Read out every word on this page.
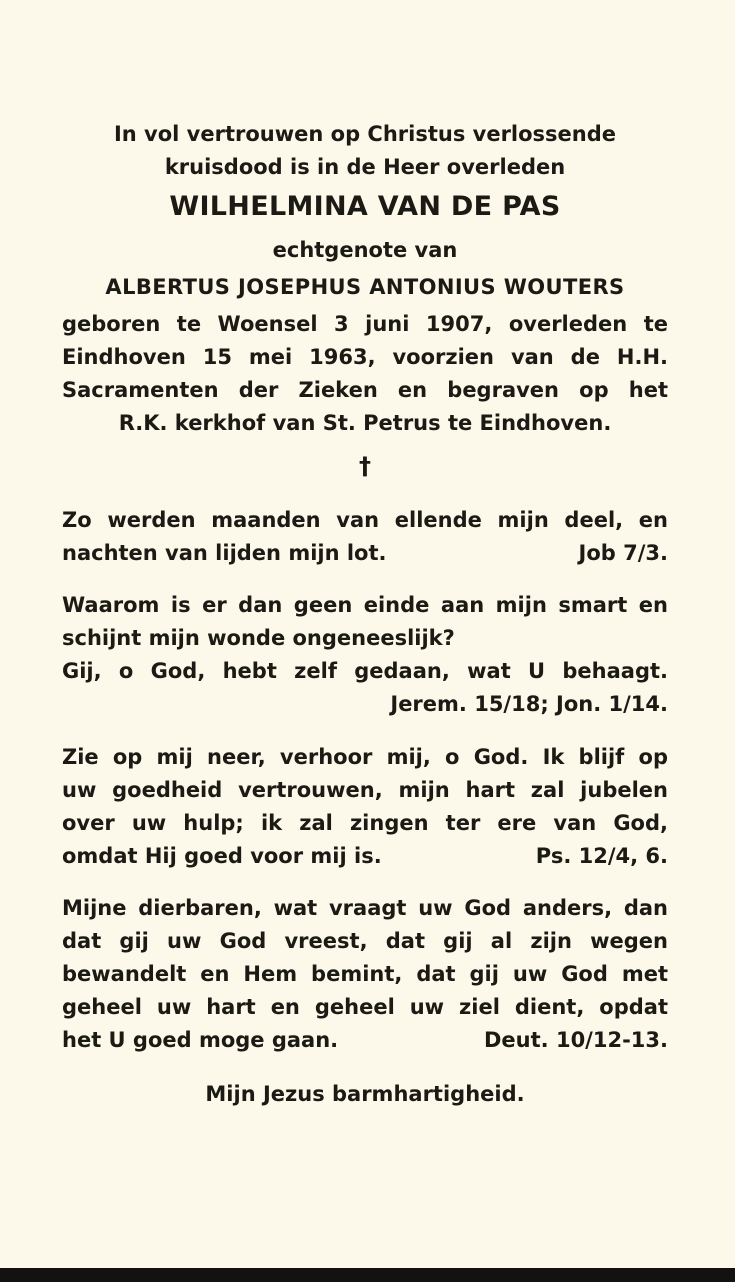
In vol vertrouwen op Christus verlossende
kruisdood is in de Heer overleden
WILHELMINA VAN DE PAS
echtgenote van
ALBERTUS JOSEPHUS ANTONIUS WOUTERS
geboren te Woensel 3 juni 1907, overleden te
Eindhoven 15 mei 1963, voorzien van de H.H.
Sacramenten der Zieken en begraven op het
R.K. kerkhof van St. Petrus te Eindhoven.
†
Zo werden maanden van ellende mijn deel, en
nachten van lijden mijn lot.	Job 7/3.
Waarom is er dan geen einde aan mijn smart en
schijnt mijn wonde ongeneeslijk?
Gij, o God, hebt zelf gedaan, wat U behaagt.
Jerem. 15/18; Jon. 1/14.
Zie op mij neer, verhoor mij, o God. Ik blijf op
uw goedheid vertrouwen, mijn hart zal jubelen
over uw hulp; ik zal zingen ter ere van God,
omdat Hij goed voor mij is.	Ps. 12/4, 6.
Mijne dierbaren, wat vraagt uw God anders, dan
dat gij uw God vreest, dat gij al zijn wegen
bewandelt en Hem bemint, dat gij uw God met
geheel uw hart en geheel uw ziel dient, opdat
het U goed moge gaan.	Deut. 10/12-13.
Mijn Jezus barmhartigheid.
